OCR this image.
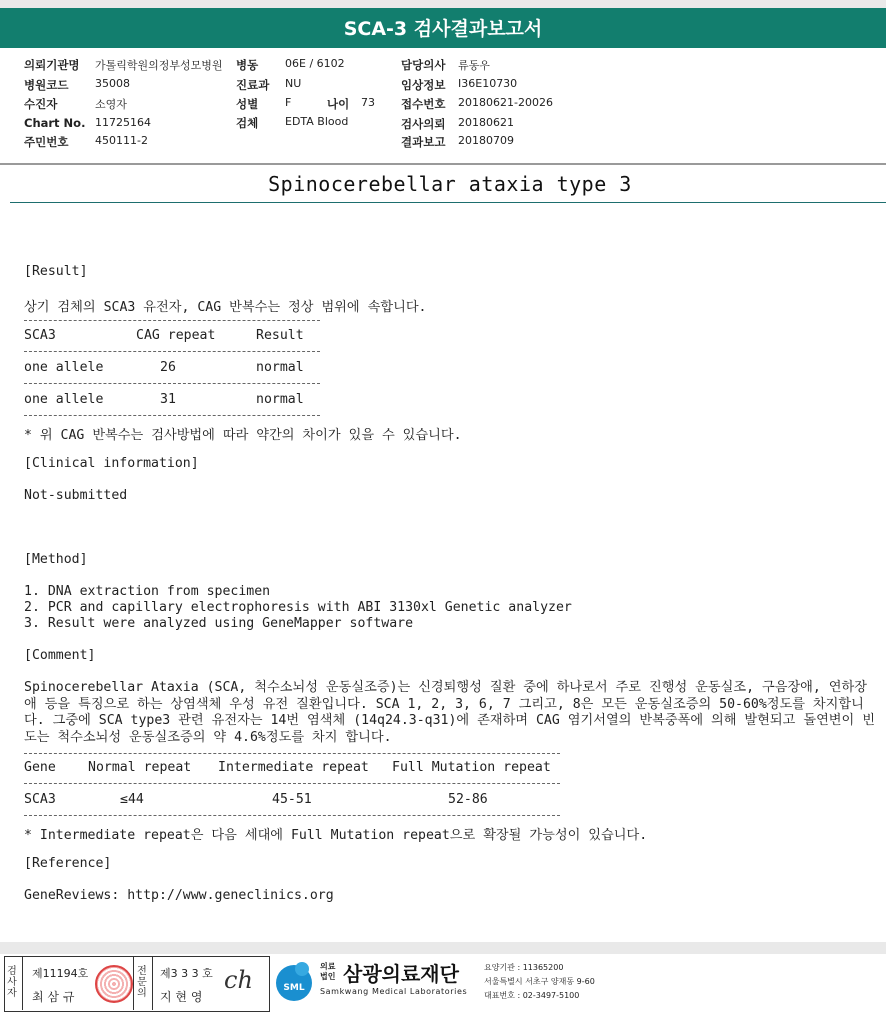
SCA-3 검사결과보고서
의뢰기관명 가톨릭학원의정부성모병원 병동 06E / 6102	담당의사 류동우
병원코드 35008	진료과 NU	임상정보 I36E10730
수진자	소영자	성별 F	나이 73 접수번호 20180621-20026
Chart No. 11725164	검체 EDTA Blood	검사의뢰 20180621
주민번호 450111-2	결과보고 20180709
Spinocerebellar ataxia type 3
[Result]
상기 검체의 SCA3 유전자, CAG 반복수는 정상 범위에 속합니다.
SCA3	CAG repeat	Result
one allele	26	normal
one allele	31	normal
* 위 CAG 반복수는 검사방법에 따라 약간의 차이가 있을 수 있습니다.
[Clinical information]
Not-submitted
[Method]
1. DNA extraction from specimen
2. PCR and capillary electrophoresis with ABI 3130xl Genetic analyzer
3. Result were analyzed using GeneMapper software
[Comment]
Spinocerebellar Ataxia (SCA, 척수소뇌성 운동실조증)는 신경퇴행성 질환 중에 하나로서 주로 진행성 운동실조, 구음장애, 연하장애 등을 특징으로 하는 상염색체 우성 유전 질환입니다. SCA 1, 2, 3, 6, 7 그리고, 8은 모든 운동실조증의 50-60%정도를 차지합니다. 그중에 SCA type3 관련 유전자는 14번 염색체 (14q24.3-q31)에 존재하며 CAG 염기서열의 반복중폭에 의해 발현되고 돌연변이 빈도는 척수소뇌성 운동실조증의 약 4.6%정도를 차지 합니다.
Gene Normal repeat Intermediate repeat Full Mutation repeat
SCA3	≤44	45-51	52-86
* Intermediate repeat은 다음 세대에 Full Mutation repeat으로 확장될 가능성이 있습니다.
[Reference]
GeneReviews: http://www.geneclinics.org
검
사
자
제11194호
최 삼 규
전
문
의
제3 3 3 호
지 현 영
ch	SML
의료
법인 삼광의료재단
Samkwang Medical Laboratories
요양기관 : 11365200
서울특별시 서초구 양재동 9-60
대표번호 : 02-3497-5100
